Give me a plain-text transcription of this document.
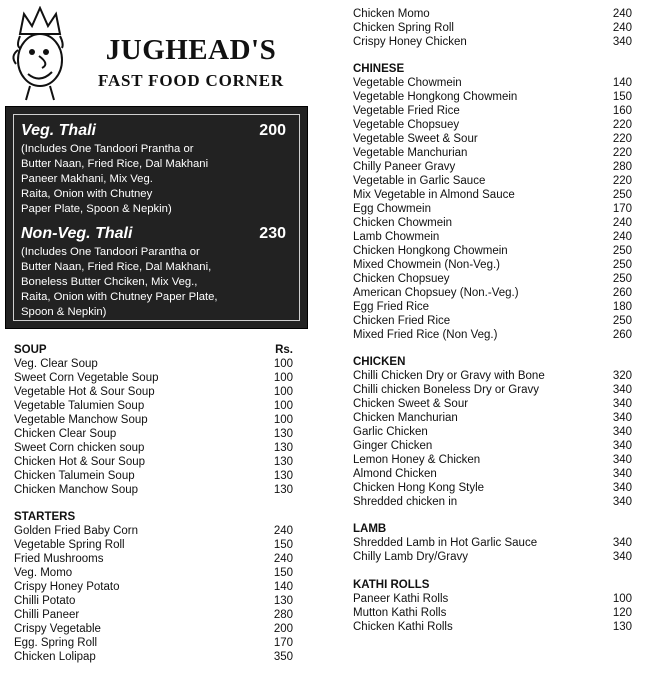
JUGHEAD'S
FAST FOOD CORNER
Veg. Thali	200
(Includes One Tandoori Prantha or
Butter Naan, Fried Rice, Dal Makhani
Paneer Makhani, Mix Veg.
Raita, Onion with Chutney
Paper Plate, Spoon & Nepkin)
Non-Veg. Thali	230
(Includes One Tandoori Parantha or
Butter Naan, Fried Rice, Dal Makhani,
Boneless Butter Chciken, Mix Veg.,
Raita, Onion with Chutney Paper Plate,
Spoon & Nepkin)
SOUP	Rs.
Veg. Clear Soup	100
Sweet Corn Vegetable Soup	100
Vegetable Hot & Sour Soup	100
Vegetable Talumien Soup	100
Vegetable Manchow Soup	100
Chicken Clear Soup	130
Sweet Corn chicken soup	130
Chicken Hot & Sour Soup	130
Chicken Talumein Soup	130
Chicken Manchow Soup	130
STARTERS
Golden Fried Baby Corn	240
Vegetable Spring Roll	150
Fried Mushrooms	240
Veg. Momo	150
Crispy Honey Potato	140
Chilli Potato	130
Chilli Paneer	280
Crispy Vegetable	200
Egg. Spring Roll	170
Chicken Lolipap	350
Chicken Momo	240
Chicken Spring Roll	240
Crispy Honey Chicken	340
CHINESE
Vegetable Chowmein	140
Vegetable Hongkong Chowmein	150
Vegetable Fried Rice	160
Vegetable Chopsuey	220
Vegetable Sweet & Sour	220
Vegetable Manchurian	220
Chilly Paneer Gravy	280
Vegetable in Garlic Sauce	220
Mix Vegetable in Almond Sauce	250
Egg Chowmein	170
Chicken Chowmein	240
Lamb Chowmein	240
Chicken Hongkong Chowmein	250
Mixed Chowmein (Non-Veg.)	250
Chicken Chopsuey	250
American Chopsuey (Non.-Veg.)	260
Egg Fried Rice	180
Chicken Fried Rice	250
Mixed Fried Rice (Non Veg.)	260
CHICKEN
Chilli Chicken Dry or Gravy with Bone	320
Chilli chicken Boneless Dry or Gravy	340
Chicken Sweet & Sour	340
Chicken Manchurian	340
Garlic Chicken	340
Ginger Chicken	340
Lemon Honey & Chicken	340
Almond Chicken	340
Chicken Hong Kong Style	340
Shredded chicken in	340
LAMB
Shredded Lamb in Hot Garlic Sauce	340
Chilly Lamb Dry/Gravy	340
KATHI ROLLS
Paneer Kathi Rolls	100
Mutton Kathi Rolls	120
Chicken Kathi Rolls	130
